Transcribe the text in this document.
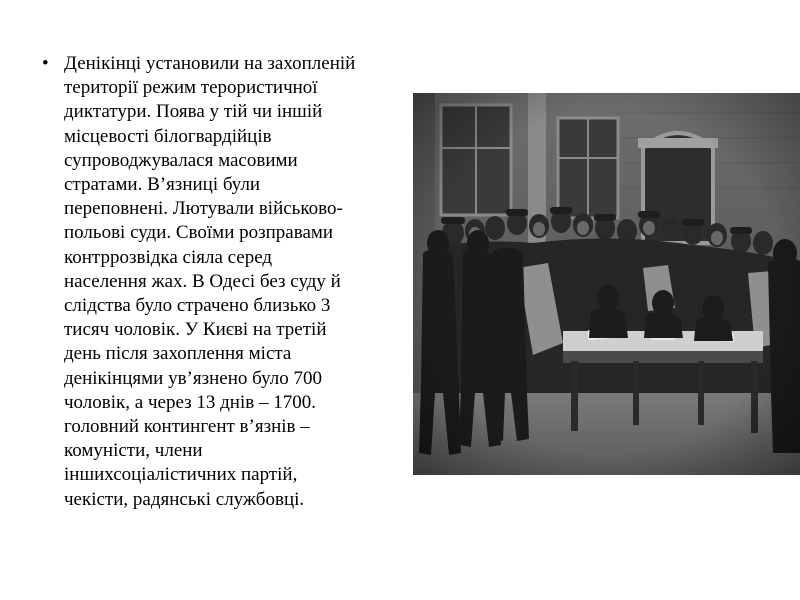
• Денікінці установили на захопленій
території режим терористичної
диктатури. Поява у тій чи іншій
місцевості білогвардійців
супроводжувалася масовими
стратами. В’язниці були
переповнені. Лютували військово-
польові суди. Своїми розправами
контррозвідка сіяла серед
населення жах. В Одесі без суду й
слідства було страчено близько 3
тисяч чоловік. У Києві на третій
день після захоплення міста
денікінцями ув’язнено було 700
чоловік, а через 13 днів – 1700.
головний контингент в’язнів –
комуністи, члени
іншихсоціалістичних партій,
чекісти, радянські службовці.
